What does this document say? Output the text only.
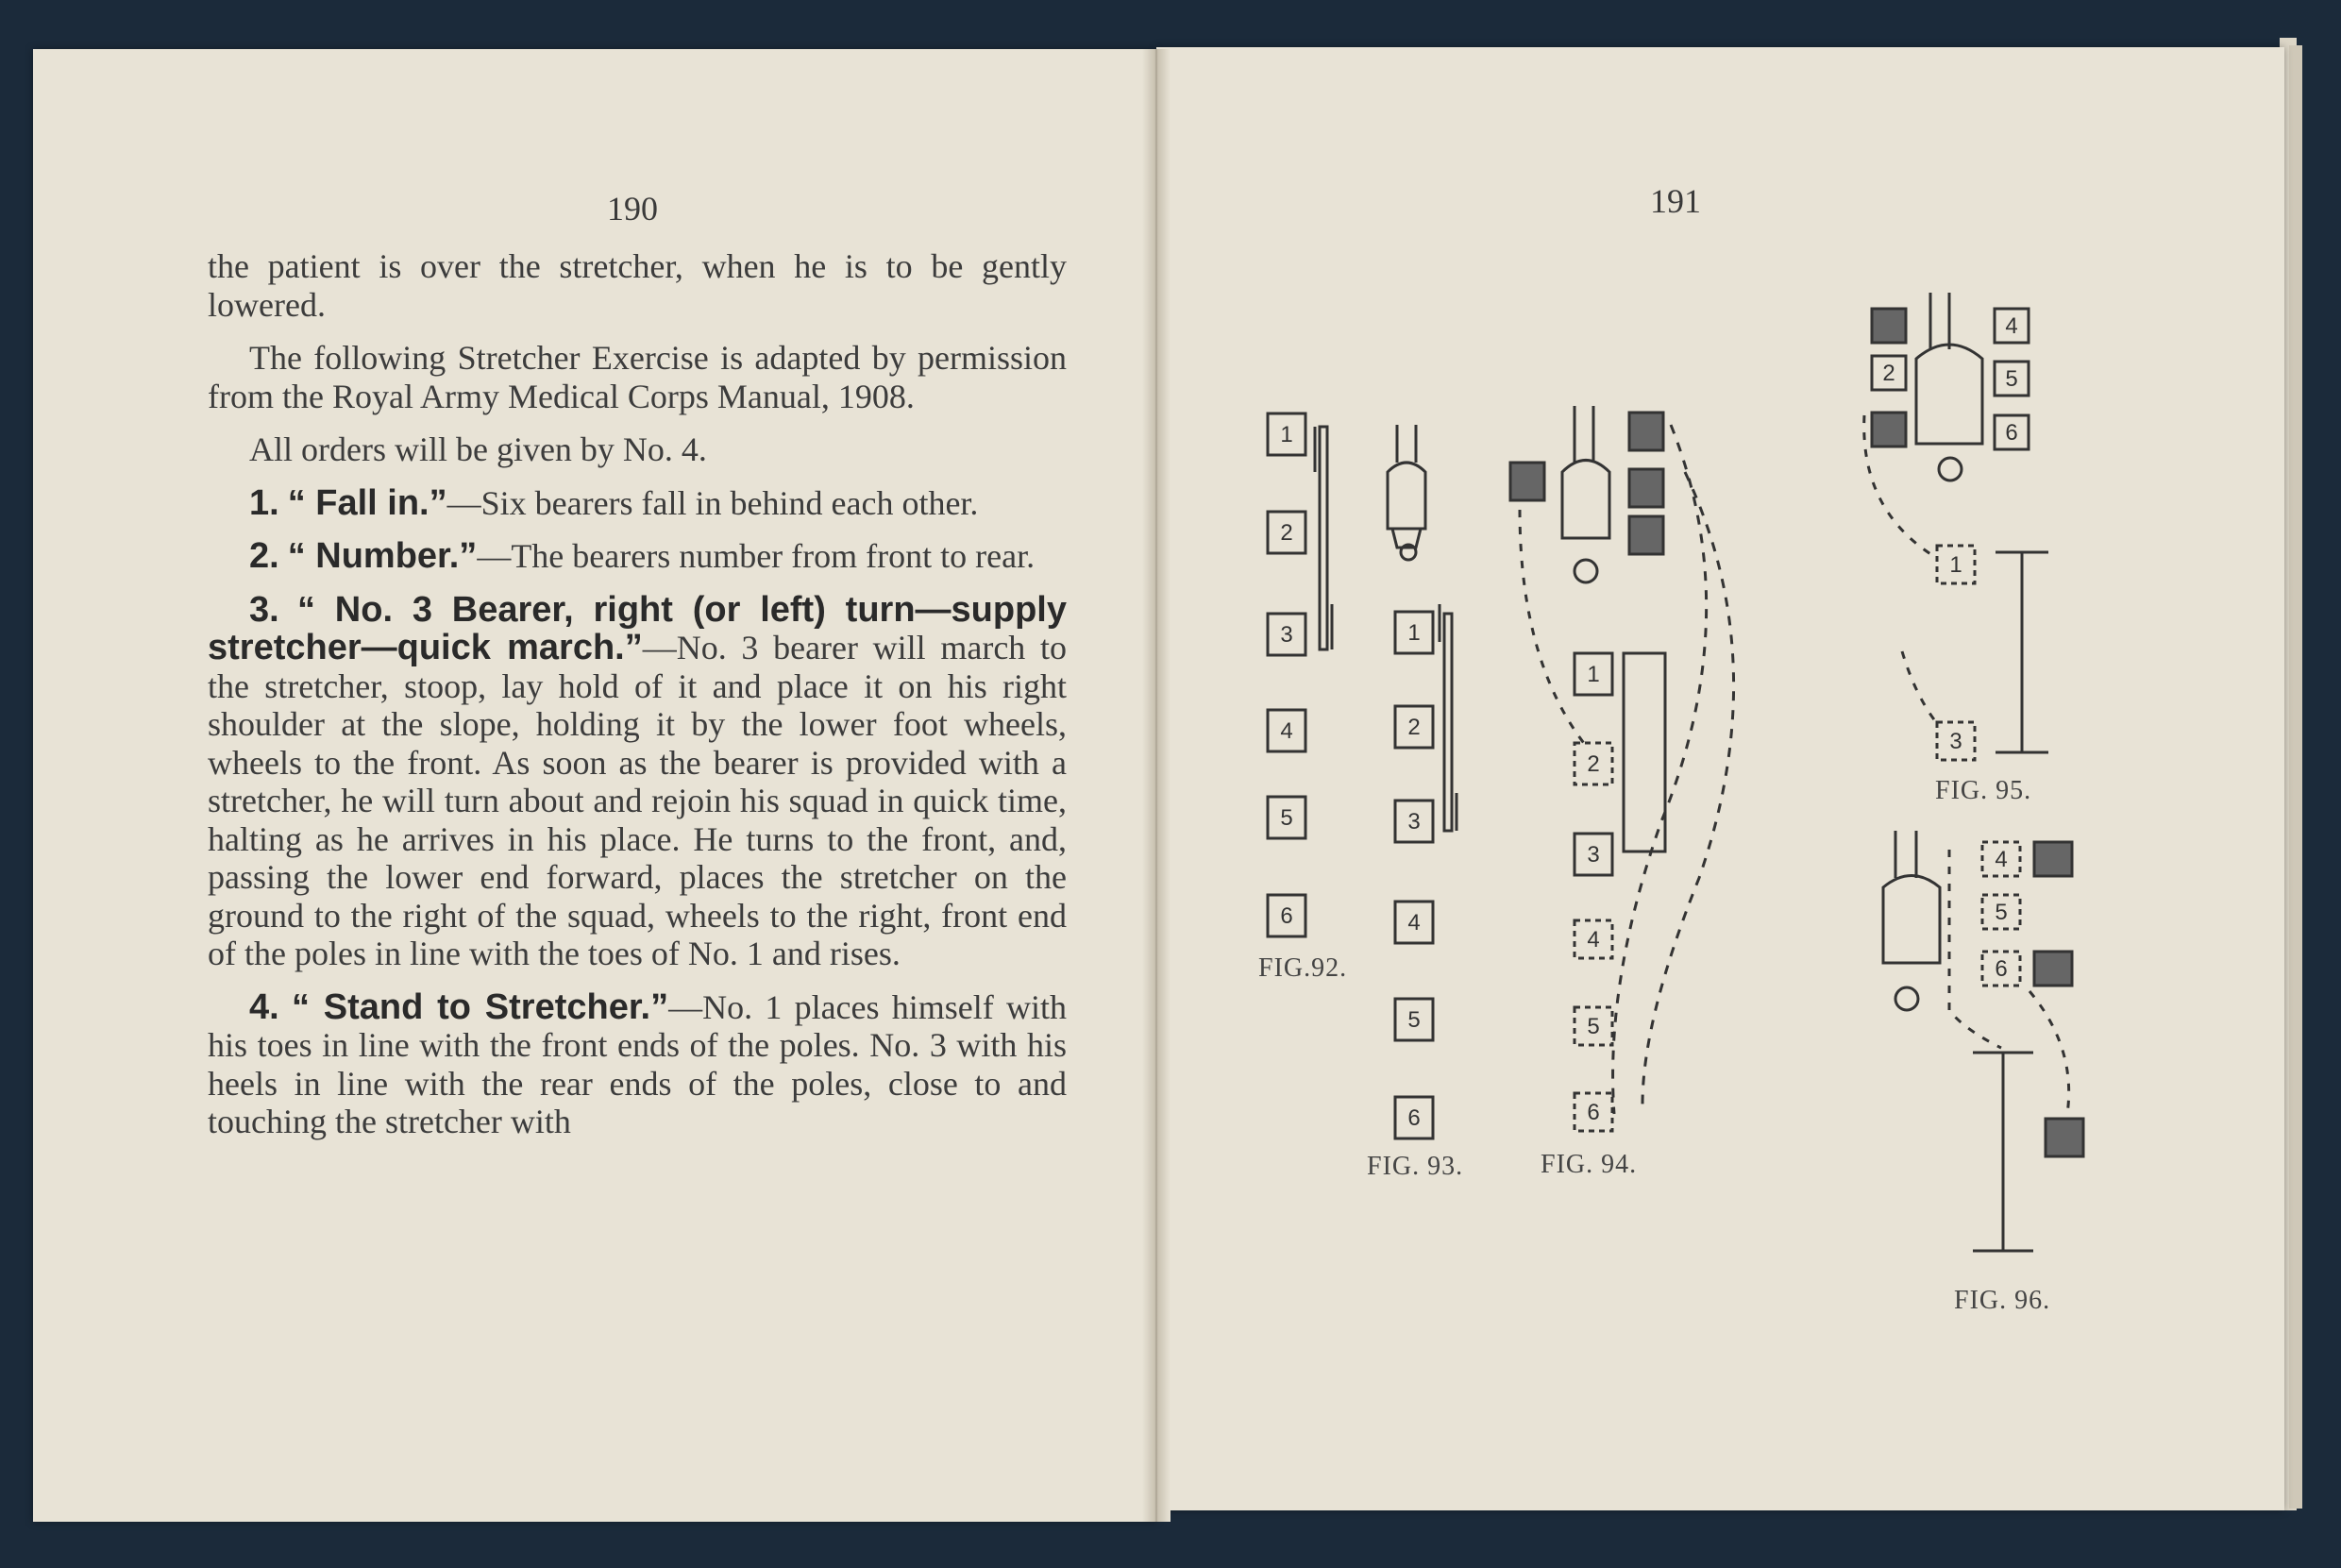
190	191

the patient is over the stretcher, when he is to be gently lowered.

The following Stretcher Exercise is adapted by permission from the Royal Army Medical Corps Manual, 1908.

All orders will be given by No. 4.

1. “ Fall in.”—Six bearers fall in behind each other.

2. “ Number.”—The bearers number from front to rear.

3. “ No. 3 Bearer, right (or left) turn—supply stretcher—quick march.”—No. 3 bearer will march to the stretcher, stoop, lay hold of it and place it on his right shoulder at the slope, holding it by the lower foot wheels, wheels to the front. As soon as the bearer is provided with a stretcher, he will turn about and rejoin his squad in quick time, halting as he arrives in his place. He turns to the front, and, passing the lower end forward, places the stretcher on the ground to the right of the squad, wheels to the right, front end of the poles in line with the toes of No. 1 and rises.

4. “ Stand to Stretcher.”—No. 1 places himself with his toes in line with the front ends of the poles. No. 3 with his heels in line with the rear ends of the poles, close to and touching the stretcher with

1
2
3
4
5
6
1
2
3
4
5
6
1
2
3
4
5
6
2
4
5
6
1
3
4
5
6
FIG.92.
FIG. 93.	FIG. 94.
FIG. 95.
FIG. 96.
